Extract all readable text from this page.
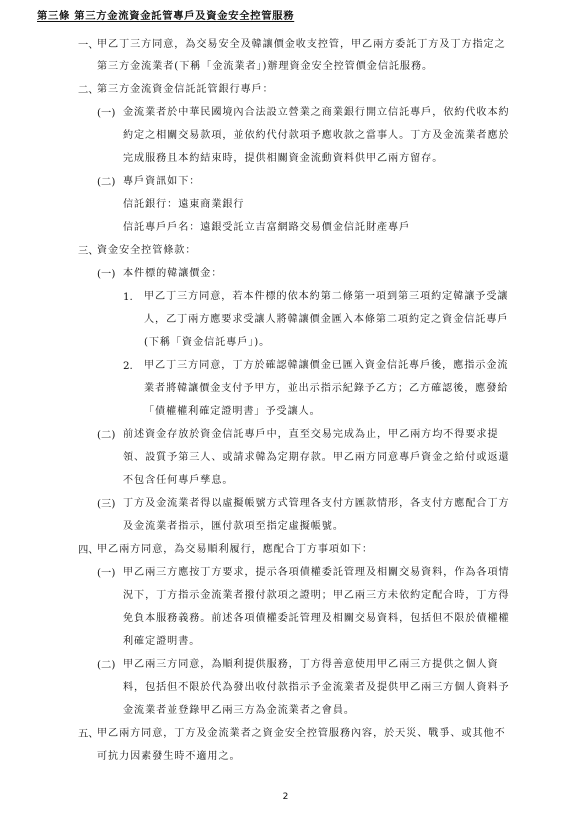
第三條 第三方金流資金託管專戶及資金安全控管服務
一、
甲乙丁三方同意，為交易安全及韓讓價金收支控管，甲乙兩方委託丁方及丁方指定之
第三方金流業者(下稱「金流業者」)辦理資金安全控管價金信託服務。
二、
第三方金流資金信託託管銀行專戶：
(一) 金流業者於中華民國境內合法設立營業之商業銀行開立信託專戶，依約代收本約
約定之相關交易款項，並依約代付款項予應收款之當事人。丁方及金流業者應於
完成服務且本約結束時，提供相關資金流動資料供甲乙兩方留存。
(二) 專戶資訊如下：
信託銀行：遠東商業銀行
信託專戶戶名：遠銀受託立吉富網路交易價金信託財產專戶
三、
資金安全控管條款：
(一) 本件標的韓讓價金：
1. 甲乙丁三方同意，若本件標的依本約第二條第一項到第三項約定韓讓予受讓
人，乙丁兩方應要求受讓人將韓讓價金匯入本條第二項約定之資金信託專戶
(下稱「資金信託專戶」)。
2. 甲乙丁三方同意，丁方於確認韓讓價金已匯入資金信託專戶後，應指示金流
業者將韓讓價金支付予甲方，並出示指示紀錄予乙方；乙方確認後，應發給
「債權權利確定證明書」予受讓人。
(二) 前述資金存放於資金信託專戶中，直至交易完成為止，甲乙兩方均不得要求提
領、設質予第三人、或請求韓為定期存款。甲乙兩方同意專戶資金之給付或返還
不包含任何專戶孳息。
(三) 丁方及金流業者得以虛擬帳號方式管理各支付方匯款情形，各支付方應配合丁方
及金流業者指示，匯付款項至指定虛擬帳號。
四、
甲乙兩方同意，為交易順利履行，應配合丁方事項如下：
(一) 甲乙兩三方應按丁方要求，提示各項債權委託管理及相關交易資料，作為各項情
況下，丁方指示金流業者撥付款項之證明；甲乙兩三方未依約定配合時，丁方得
免負本服務義務。前述各項債權委託管理及相關交易資料，包括但不限於債權權
利確定證明書。
(二) 甲乙兩三方同意，為順利提供服務，丁方得善意使用甲乙兩三方提供之個人資
料，包括但不限於代為發出收付款指示予金流業者及提供甲乙兩三方個人資料予
金流業者並登錄甲乙兩三方為金流業者之會員。
五、
甲乙兩方同意，丁方及金流業者之資金安全控管服務內容，於天災、戰爭、或其他不
可抗力因素發生時不適用之。
2
